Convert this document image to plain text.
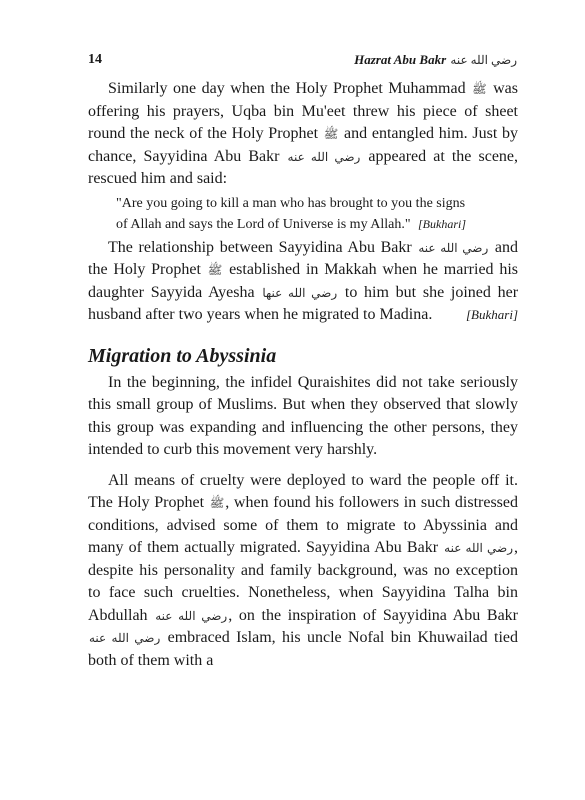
14	Hazrat Abu Bakr رضي الله عنه

Similarly one day when the Holy Prophet Muhammad ﷺ was offering his prayers, Uqba bin Mu'eet threw his piece of sheet round the neck of the Holy Prophet ﷺ and entangled him. Just by chance, Sayyidina Abu Bakr رضي الله عنه appeared at the scene, rescued him and said:

"Are you going to kill a man who has brought to you the signs of Allah and says the Lord of Universe is my Allah." [Bukhari]

The relationship between Sayyidina Abu Bakr رضي الله عنه and the Holy Prophet ﷺ established in Makkah when he married his daughter Sayyida Ayesha رضي الله عنها to him but she joined her husband after two years when he migrated to Madina.	[Bukhari]

Migration to Abyssinia

In the beginning, the infidel Quraishites did not take seriously this small group of Muslims. But when they observed that slowly this group was expanding and influencing the other persons, they intended to curb this movement very harshly.

All means of cruelty were deployed to ward the people off it. The Holy Prophet ﷺ, when found his followers in such distressed conditions, advised some of them to migrate to Abyssinia and many of them actually migrated. Sayyidina Abu Bakr رضي الله عنه, despite his personality and family background, was no exception to face such cruelties. Nonetheless, when Sayyidina Talha bin Abdullah رضي الله عنه, on the inspiration of Sayyidina Abu Bakr رضي الله عنه embraced Islam, his uncle Nofal bin Khuwailad tied both of them with a
